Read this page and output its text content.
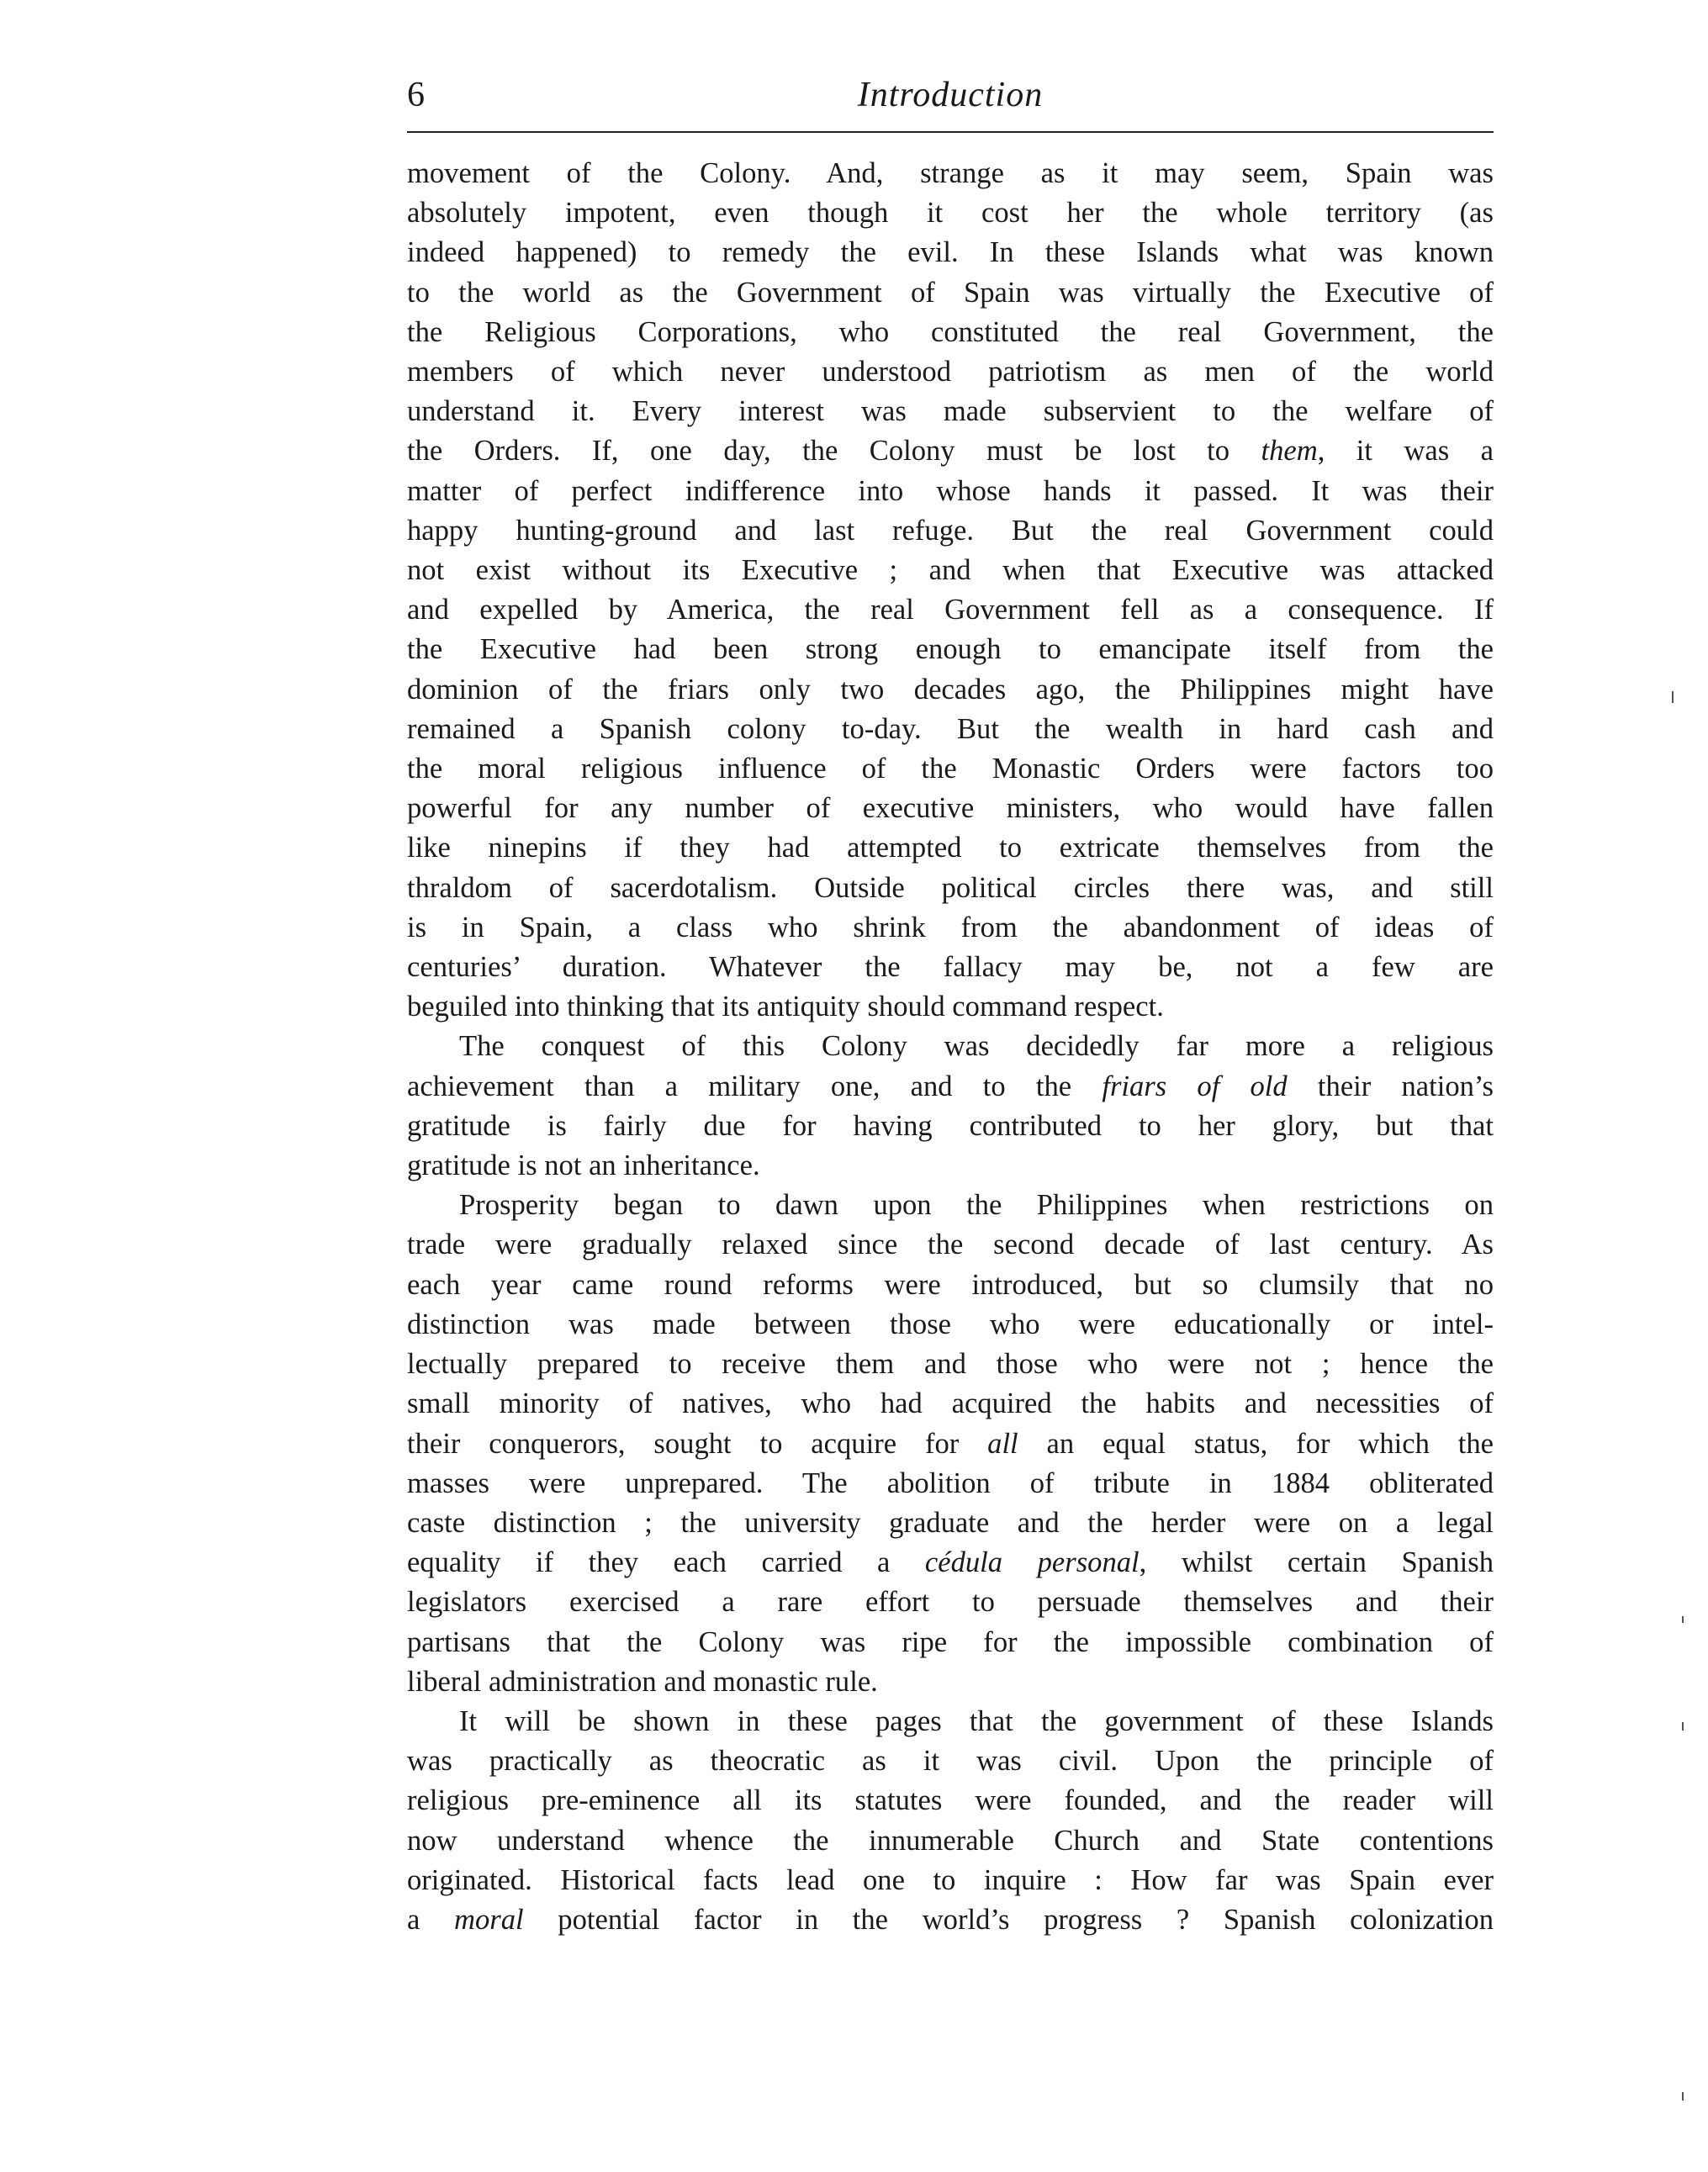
6	Introduction
movement of the Colony. And, strange as it may seem, Spain was
absolutely impotent, even though it cost her the whole territory (as
indeed happened) to remedy the evil. In these Islands what was known
to the world as the Government of Spain was virtually the Executive of
the Religious Corporations, who constituted the real Government, the
members of which never understood patriotism as men of the world
understand it. Every interest was made subservient to the welfare of
the Orders. If, one day, the Colony must be lost to them, it was a
matter of perfect indifference into whose hands it passed. It was their
happy hunting-ground and last refuge. But the real Government could
not exist without its Executive ; and when that Executive was attacked
and expelled by America, the real Government fell as a consequence. If
the Executive had been strong enough to emancipate itself from the
dominion of the friars only two decades ago, the Philippines might have
remained a Spanish colony to-day. But the wealth in hard cash and
the moral religious influence of the Monastic Orders were factors too
powerful for any number of executive ministers, who would have fallen
like ninepins if they had attempted to extricate themselves from the
thraldom of sacerdotalism. Outside political circles there was, and still
is in Spain, a class who shrink from the abandonment of ideas of
centuries’ duration. Whatever the fallacy may be, not a few are
beguiled into thinking that its antiquity should command respect.
The conquest of this Colony was decidedly far more a religious
achievement than a military one, and to the friars of old their nation’s
gratitude is fairly due for having contributed to her glory, but that
gratitude is not an inheritance.
Prosperity began to dawn upon the Philippines when restrictions on
trade were gradually relaxed since the second decade of last century. As
each year came round reforms were introduced, but so clumsily that no
distinction was made between those who were educationally or intel-
lectually prepared to receive them and those who were not ; hence the
small minority of natives, who had acquired the habits and necessities of
their conquerors, sought to acquire for all an equal status, for which the
masses were unprepared. The abolition of tribute in 1884 obliterated
caste distinction ; the university graduate and the herder were on a legal
equality if they each carried a cédula personal, whilst certain Spanish
legislators exercised a rare effort to persuade themselves and their
partisans that the Colony was ripe for the impossible combination of
liberal administration and monastic rule.
It will be shown in these pages that the government of these Islands
was practically as theocratic as it was civil. Upon the principle of
religious pre-eminence all its statutes were founded, and the reader will
now understand whence the innumerable Church and State contentions
originated. Historical facts lead one to inquire : How far was Spain ever
a moral potential factor in the world’s progress ? Spanish colonization
